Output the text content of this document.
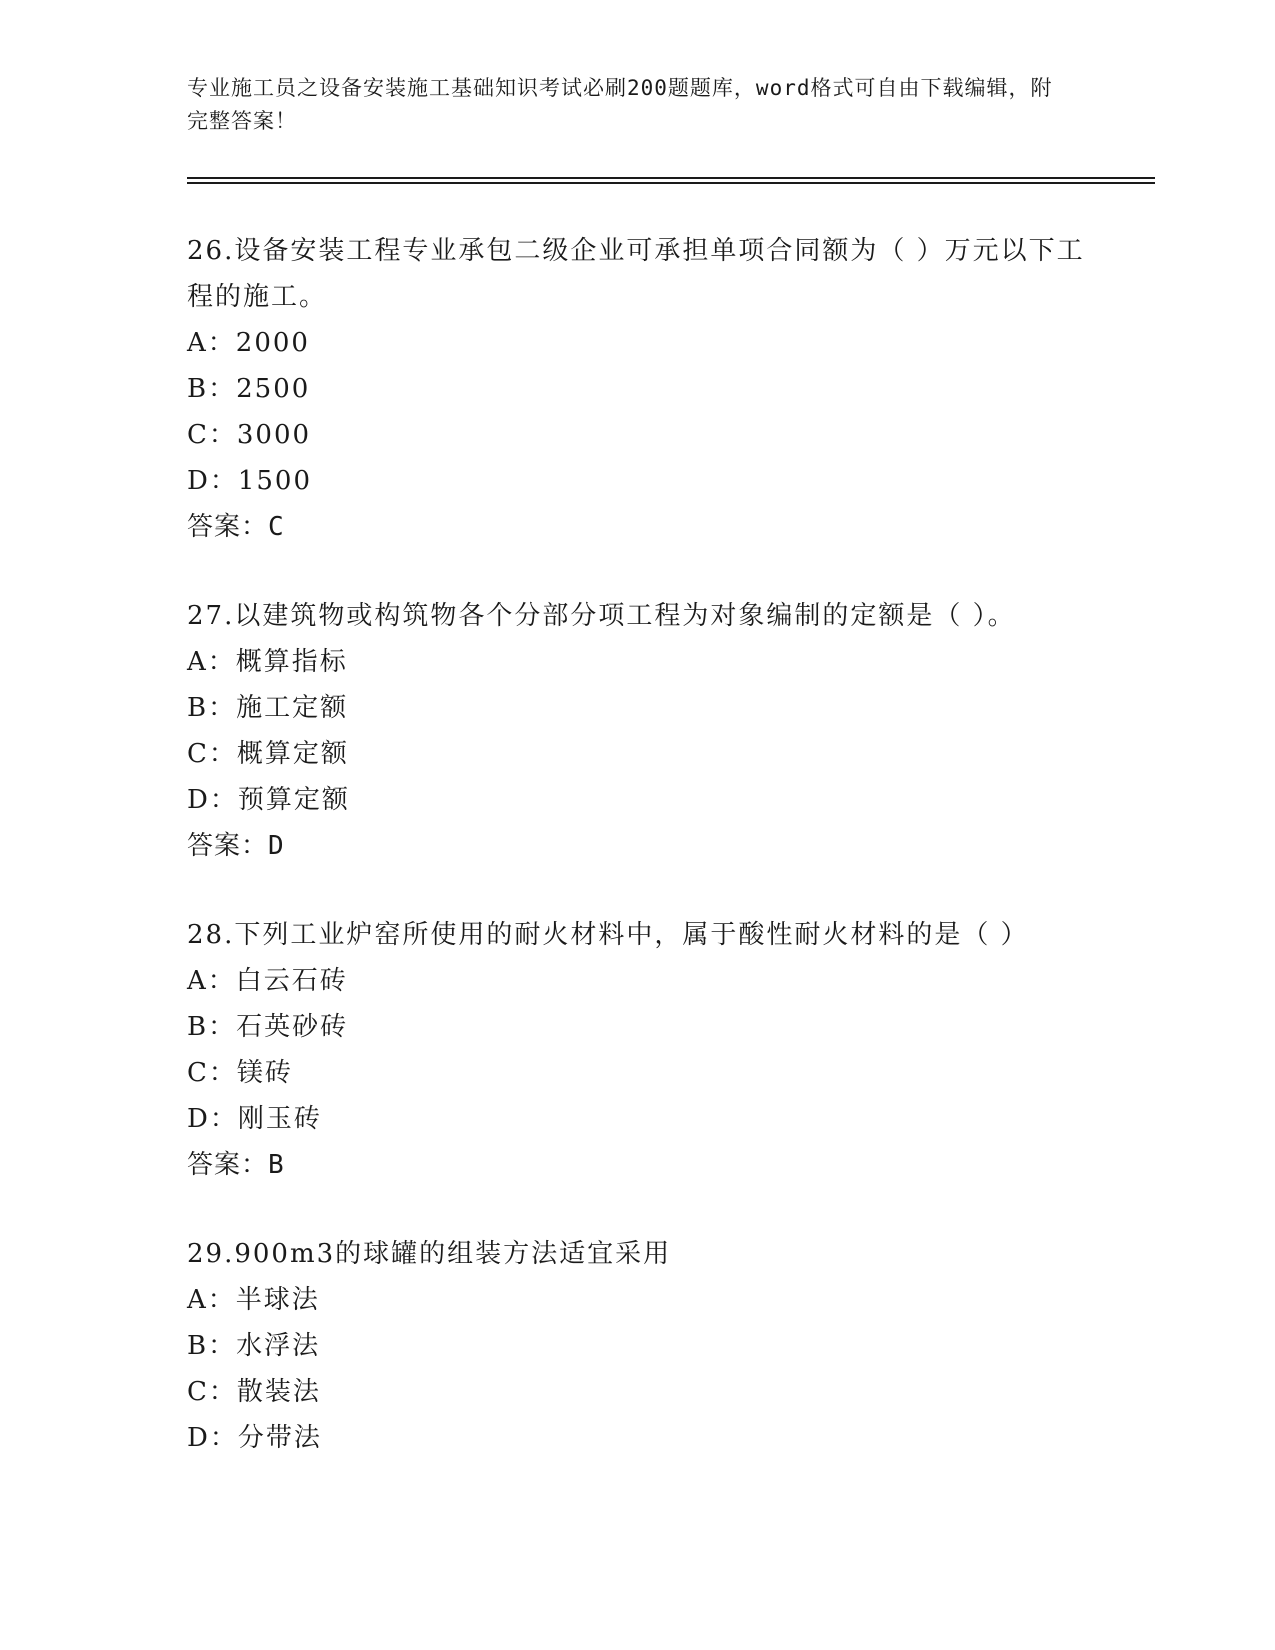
专业施工员之设备安装施工基础知识考试必刷200题题库，word格式可自由下载编辑，附完整答案！
26.设备安装工程专业承包二级企业可承担单项合同额为（ ）万元以下工程的施工。
A：2000
B：2500
C：3000
D：1500
答案：C
27.以建筑物或构筑物各个分部分项工程为对象编制的定额是（ ）。
A：概算指标
B：施工定额
C：概算定额
D：预算定额
答案：D
28.下列工业炉窑所使用的耐火材料中，属于酸性耐火材料的是（ ）
A：白云石砖
B：石英砂砖
C：镁砖
D：刚玉砖
答案：B
29.900m3的球罐的组装方法适宜采用
A：半球法
B：水浮法
C：散装法
D：分带法
